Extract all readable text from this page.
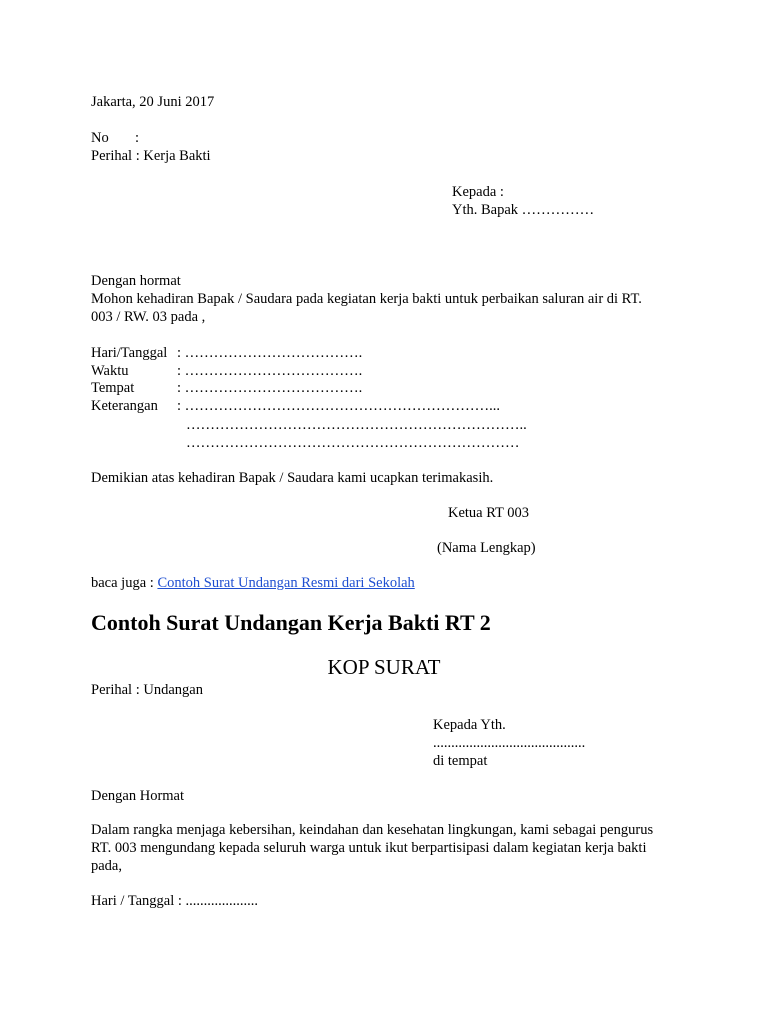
Jakarta, 20 Juni 2017
No :
Perihal : Kerja Bakti
Kepada :
Yth. Bapak ……………
Dengan hormat
Mohon kehadiran Bapak / Saudara pada kegiatan kerja bakti untuk perbaikan saluran air di RT.
003 / RW. 03 pada ,
Hari/Tanggal : ……………………………….
Waktu	: ……………………………….
Tempat	: ……………………………….
Keterangan : ………………………………………………………...
……………………………………………………………..
……………………………………………………………
Demikian atas kehadiran Bapak / Saudara kami ucapkan terimakasih.
Ketua RT 003
(Nama Lengkap)
baca juga : Contoh Surat Undangan Resmi dari Sekolah
Contoh Surat Undangan Kerja Bakti RT 2
KOP SURAT
Perihal : Undangan
Kepada Yth.
..........................................
di tempat
Dengan Hormat
Dalam rangka menjaga kebersihan, keindahan dan kesehatan lingkungan, kami sebagai pengurus
RT. 003 mengundang kepada seluruh warga untuk ikut berpartisipasi dalam kegiatan kerja bakti
pada,
Hari / Tanggal : ....................
